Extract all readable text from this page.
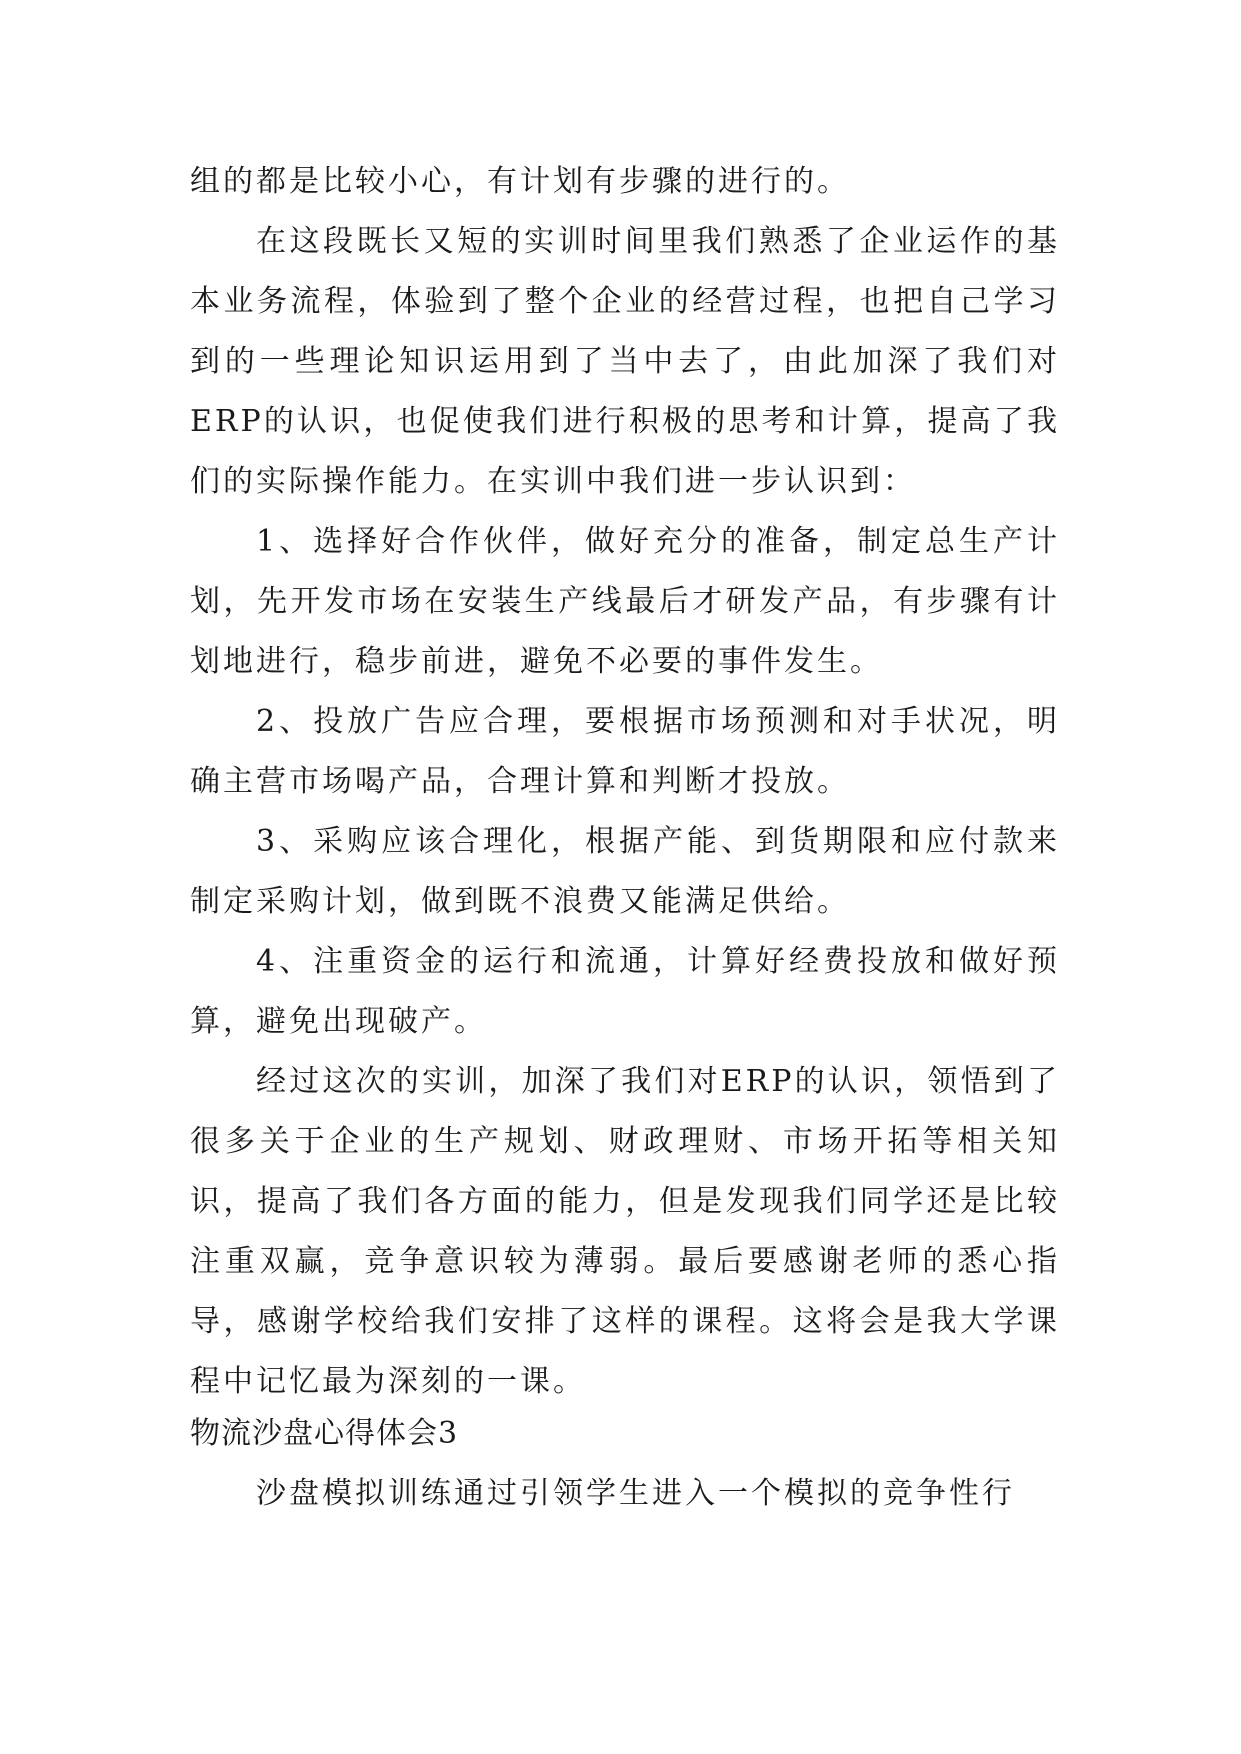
组的都是比较小心，有计划有步骤的进行的。

在这段既长又短的实训时间里我们熟悉了企业运作的基本业务流程，体验到了整个企业的经营过程，也把自己学习到的一些理论知识运用到了当中去了，由此加深了我们对ERP的认识，也促使我们进行积极的思考和计算，提高了我们的实际操作能力。在实训中我们进一步认识到：

1、选择好合作伙伴，做好充分的准备，制定总生产计划，先开发市场在安装生产线最后才研发产品，有步骤有计划地进行，稳步前进，避免不必要的事件发生。

2、投放广告应合理，要根据市场预测和对手状况，明确主营市场喝产品，合理计算和判断才投放。

3、采购应该合理化，根据产能、到货期限和应付款来制定采购计划，做到既不浪费又能满足供给。

4、注重资金的运行和流通，计算好经费投放和做好预算，避免出现破产。

经过这次的实训，加深了我们对ERP的认识，领悟到了很多关于企业的生产规划、财政理财、市场开拓等相关知识，提高了我们各方面的能力，但是发现我们同学还是比较注重双赢，竞争意识较为薄弱。最后要感谢老师的悉心指导，感谢学校给我们安排了这样的课程。这将会是我大学课程中记忆最为深刻的一课。

物流沙盘心得体会3

沙盘模拟训练通过引领学生进入一个模拟的竞争性行
